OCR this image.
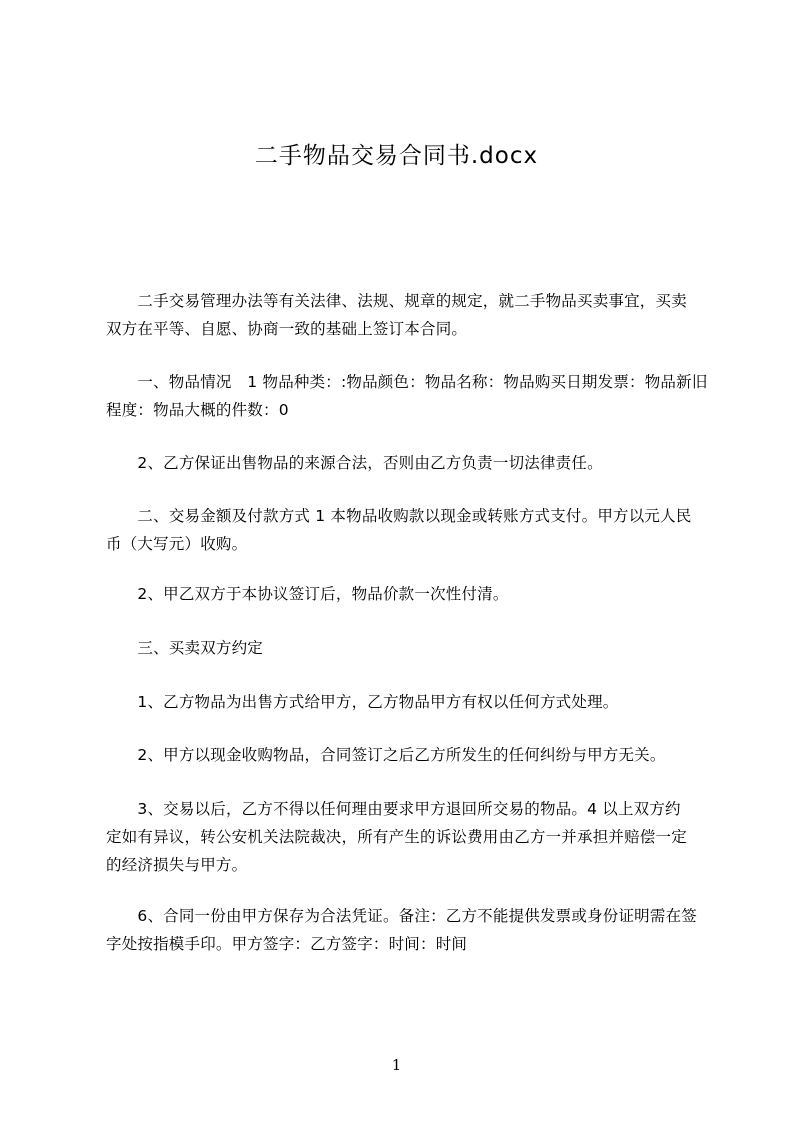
二手物品交易合同书.docx

　　二手交易管理办法等有关法律、法规、规章的规定，就二手物品买卖事宜，买卖
双方在平等、自愿、协商一致的基础上签订本合同。

　　一、物品情况　1 物品种类：:物品颜色：物品名称：物品购买日期发票：物品新旧
程度：物品大概的件数：0

　　2、乙方保证出售物品的来源合法，否则由乙方负责一切法律责任。

　　二、交易金额及付款方式 1 本物品收购款以现金或转账方式支付。甲方以元人民
币（大写元）收购。

　　2、甲乙双方于本协议签订后，物品价款一次性付清。

　　三、买卖双方约定

　　1、乙方物品为出售方式给甲方，乙方物品甲方有权以任何方式处理。

　　2、甲方以现金收购物品，合同签订之后乙方所发生的任何纠纷与甲方无关。

　　3、交易以后，乙方不得以任何理由要求甲方退回所交易的物品。4 以上双方约
定如有异议，转公安机关法院裁决，所有产生的诉讼费用由乙方一并承担并赔偿一定
的经济损失与甲方。

　　6、合同一份由甲方保存为合法凭证。备注：乙方不能提供发票或身份证明需在签
字处按指模手印。甲方签字：乙方签字：时间：时间

1
